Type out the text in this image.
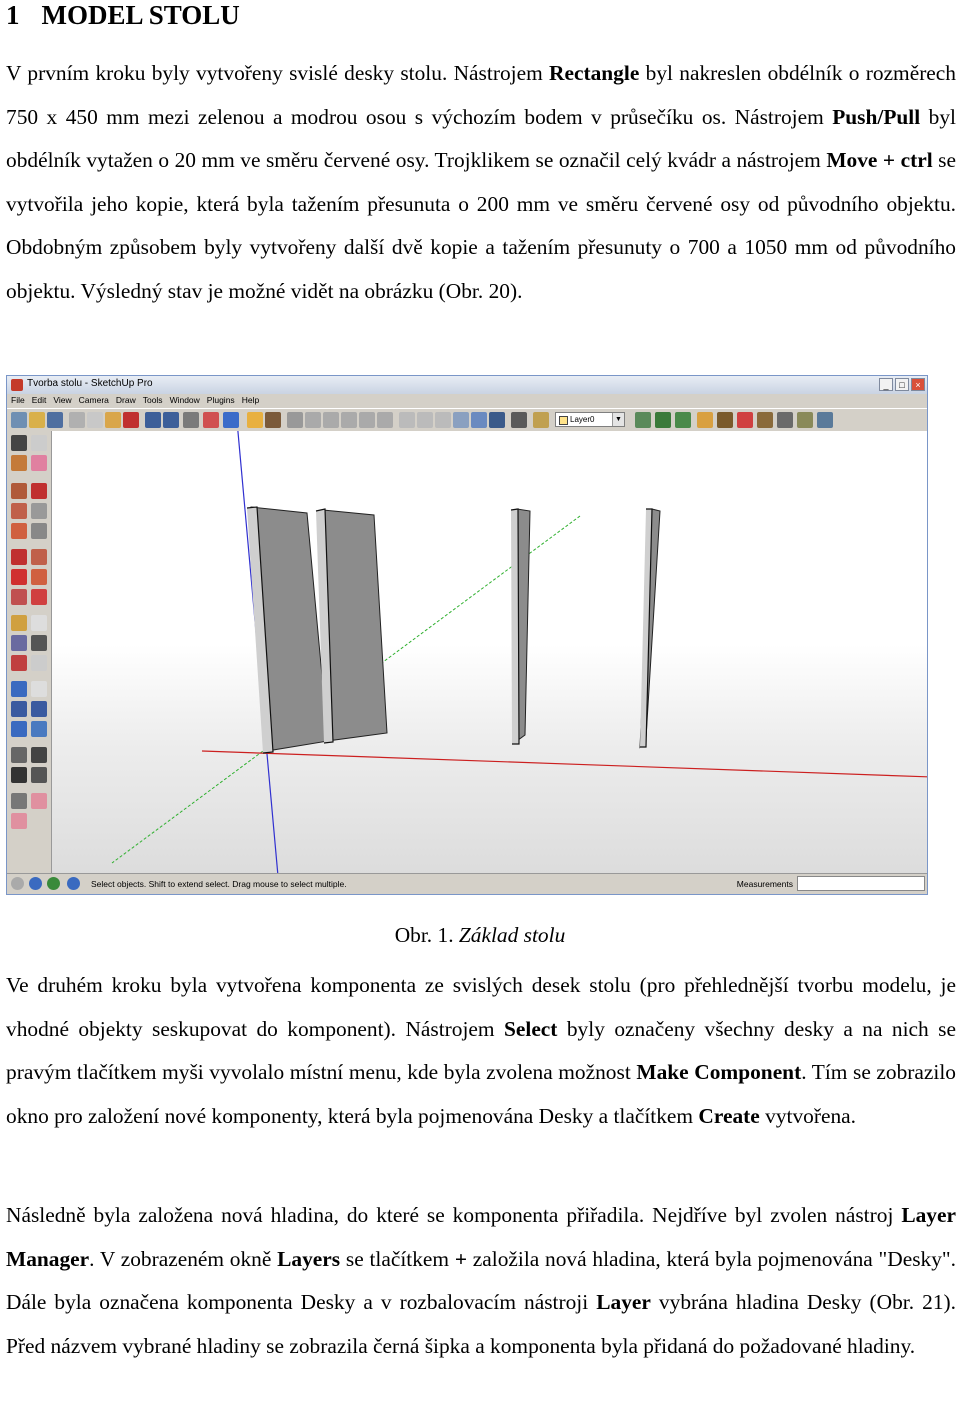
1 MODEL STOLU

V prvním kroku byly vytvořeny svislé desky stolu. Nástrojem Rectangle byl nakreslen obdélník o rozměrech 750 x 450 mm mezi zelenou a modrou osou s výchozím bodem v průsečíku os. Nástrojem Push/Pull byl obdélník vytažen o 20 mm ve směru červené osy. Trojklikem se označil celý kvádr a nástrojem Move + ctrl se vytvořila jeho kopie, která byla tažením přesunuta o 200 mm ve směru červené osy od původního objektu. Obdobným způsobem byly vytvořeny další dvě kopie a tažením přesunuty o 700 a 1050 mm od původního objektu. Výsledný stav je možné vidět na obrázku (Obr. 20).

Tvorba stolu - SketchUp Pro	_	□	×
File Edit View Camera Draw Tools Window Plugins Help
Layer0	▼
Select objects. Shift to extend select. Drag mouse to select multiple.	Measurements
Obr. 1. Základ stolu

Ve druhém kroku byla vytvořena komponenta ze svislých desek stolu (pro přehlednější tvorbu modelu, je vhodné objekty seskupovat do komponent). Nástrojem Select byly označeny všechny desky a na nich se pravým tlačítkem myši vyvolalo místní menu, kde byla zvolena možnost Make Component. Tím se zobrazilo okno pro založení nové komponenty, která byla pojmenována Desky a tlačítkem Create vytvořena.

Následně byla založena nová hladina, do které se komponenta přiřadila. Nejdříve byl zvolen nástroj Layer Manager. V zobrazeném okně Layers se tlačítkem + založila nová hladina, která byla pojmenována "Desky". Dále byla označena komponenta Desky a v rozbalovacím nástroji Layer vybrána hladina Desky (Obr. 21). Před názvem vybrané hladiny se zobrazila černá šipka a komponenta byla přidaná do požadované hladiny.
